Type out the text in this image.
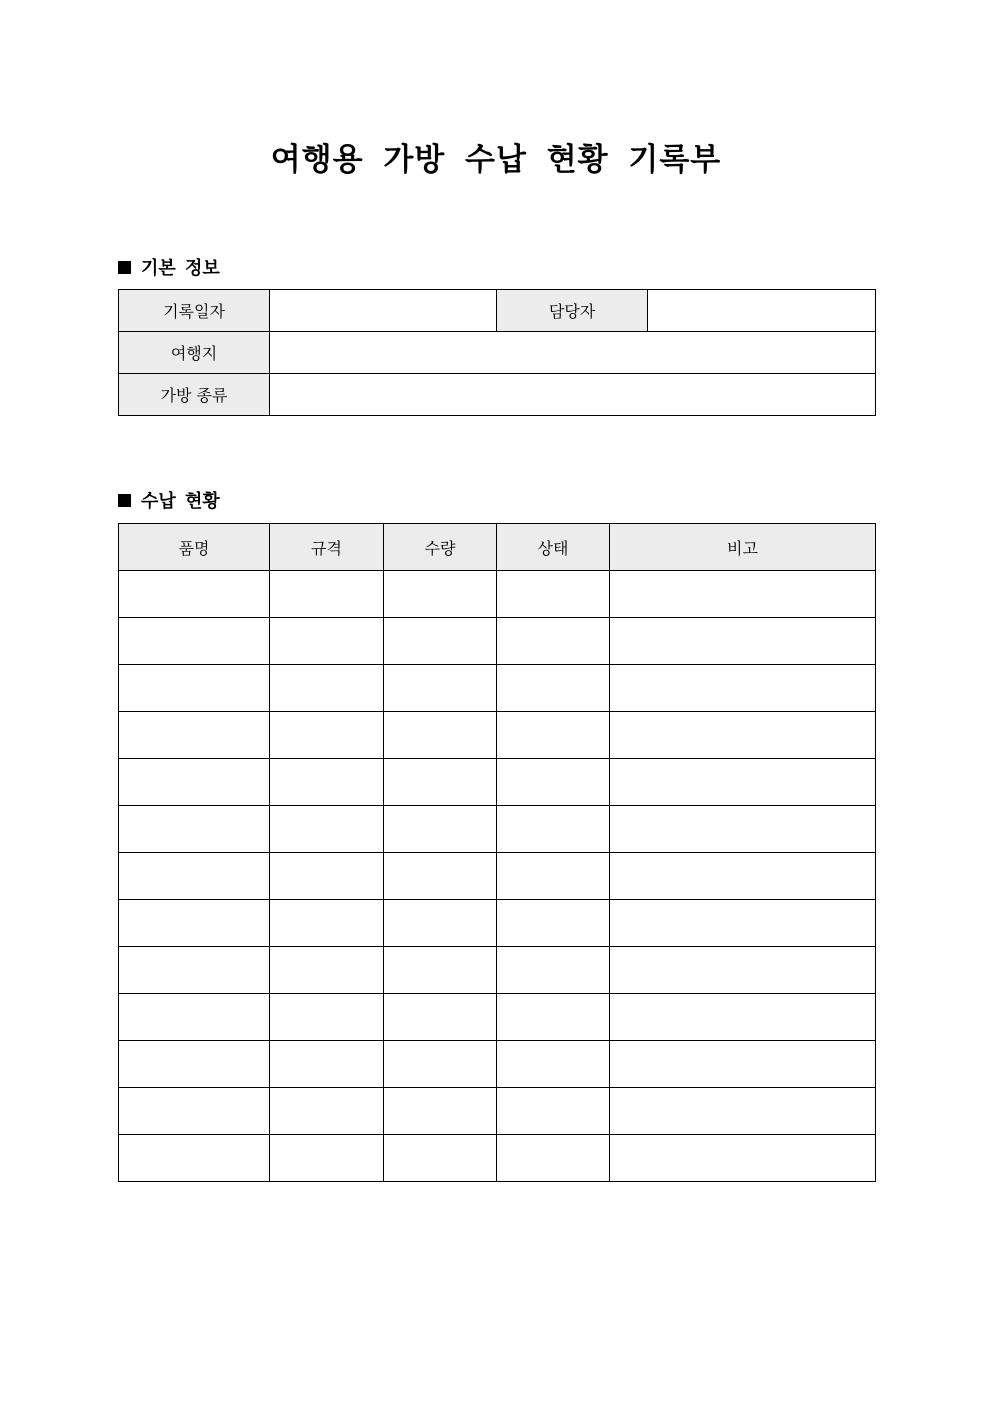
여행용 가방 수납 현황 기록부
기본 정보
기록일자		담당자	
여행지			
가방 종류			
수납 현황
품명	규격	수량	상태	비고
